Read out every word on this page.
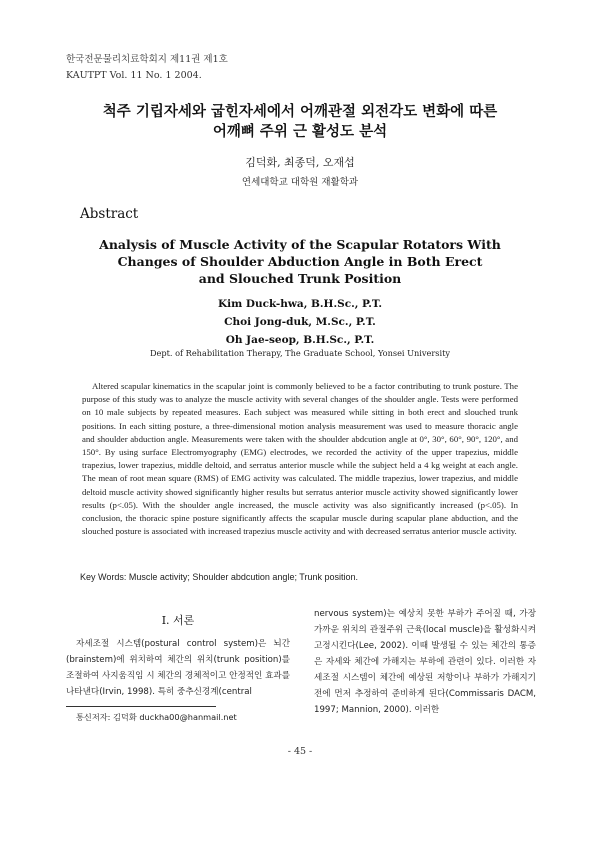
한국전문물리치료학회지 제11권 제1호
KAUTPT Vol. 11 No. 1 2004.
척주 기립자세와 굽힌자세에서 어깨관절 외전각도 변화에 따른
어깨뼈 주위 근 활성도 분석
김덕화, 최종덕, 오재섭
연세대학교 대학원 재활학과
Abstract
Analysis of Muscle Activity of the Scapular Rotators With
Changes of Shoulder Abduction Angle in Both Erect
and Slouched Trunk Position
Kim Duck-hwa, B.H.Sc., P.T.
Choi Jong-duk, M.Sc., P.T.
Oh Jae-seop, B.H.Sc., P.T.
Dept. of Rehabilitation Therapy, The Graduate School, Yonsei University
Altered scapular kinematics in the scapular joint is commonly believed to be a factor contributing to trunk posture. The purpose of this study was to analyze the muscle activity with several changes of the shoulder angle. Tests were performed on 10 male subjects by repeated measures. Each subject was measured while sitting in both erect and slouched trunk positions. In each sitting posture, a three-dimensional motion analysis measurement was used to measure thoracic angle and shoulder abduction angle. Measurements were taken with the shoulder abdcution angle at 0°, 30°, 60°, 90°, 120°, and 150°. By using surface Electromyography (EMG) electrodes, we recorded the activity of the upper trapezius, middle trapezius, lower trapezius, middle deltoid, and serratus anterior muscle while the subject held a 4 kg weight at each angle. The mean of root mean square (RMS) of EMG activity was calculated. The middle trapezius, lower trapezius, and middle deltoid muscle activity showed significantly higher results but serratus anterior muscle activity showed significantly lower results (p<.05). With the shoulder angle increased, the muscle activity was also significantly increased (p<.05). In conclusion, the thoracic spine posture significantly affects the scapular muscle during scapular plane abduction, and the slouched posture is associated with increased trapezius muscle activity and with decreased serratus anterior muscle activity.
Key Words: Muscle activity; Shoulder abdcution angle; Trunk position.
Ⅰ. 서론
자세조절 시스템(postural control system)은 뇌간(brainstem)에 위치하여 체간의 위치(trunk position)를 조절하여 사지움직임 시 체간의 경체적이고 안정적인 효과를 나타낸다(Irvin, 1998). 특히 중추신경계(central
nervous system)는 예상치 못한 부하가 주어질 때, 가장 가까운 위치의 관절주위 근육(local muscle)을 활성화시켜 고정시킨다(Lee, 2002). 이때 발생될 수 있는 체간의 통증은 자세와 체간에 가해지는 부하에 관련이 있다. 이러한 자세조절 시스템이 체간에 예상된 저항이나 부하가 가해지기 전에 먼저 추정하여 준비하게 된다(Commissaris DACM, 1997; Mannion, 2000). 이러한
통신저자: 김덕화 duckha00@hanmail.net
- 45 -
